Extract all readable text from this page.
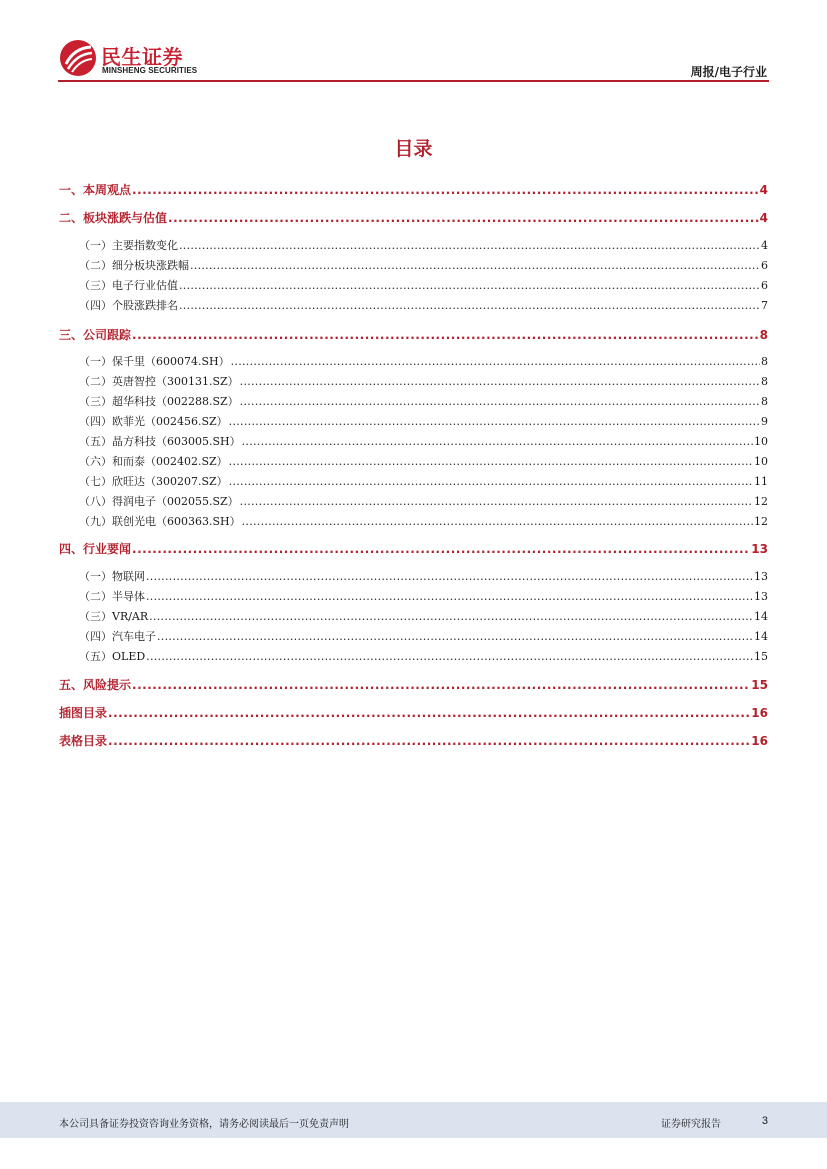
民生证券
MINSHENG SECURITIES	周报/电子行业
目录
一、本周观点 .....	4
二、板块涨跌与估值 .....	4
（一）主要指数变化 .....	4
（二）细分板块涨跌幅 .....	6
（三）电子行业估值 .....	6
（四）个股涨跌排名 .....	7
三、公司跟踪 .....	8
（一）保千里（600074.SH） .....	8
（二）英唐智控（300131.SZ） .....	8
（三）超华科技（002288.SZ） .....	8
（四）欧菲光（002456.SZ） .....	9
（五）晶方科技（603005.SH） .....	10
（六）和而泰（002402.SZ） .....	10
（七）欣旺达（300207.SZ） .....	11
（八）得润电子（002055.SZ） .....	12
（九）联创光电（600363.SH） .....	12
四、行业要闻 .....	13
（一）物联网 .....	13
（二）半导体 .....	13
（三）VR/AR .....	14
（四）汽车电子 .....	14
（五）OLED .....	15
五、风险提示 .....	15
插图目录 .....	16
表格目录 .....	16
本公司具备证券投资咨询业务资格，请务必阅读最后一页免责声明	证券研究报告	3
